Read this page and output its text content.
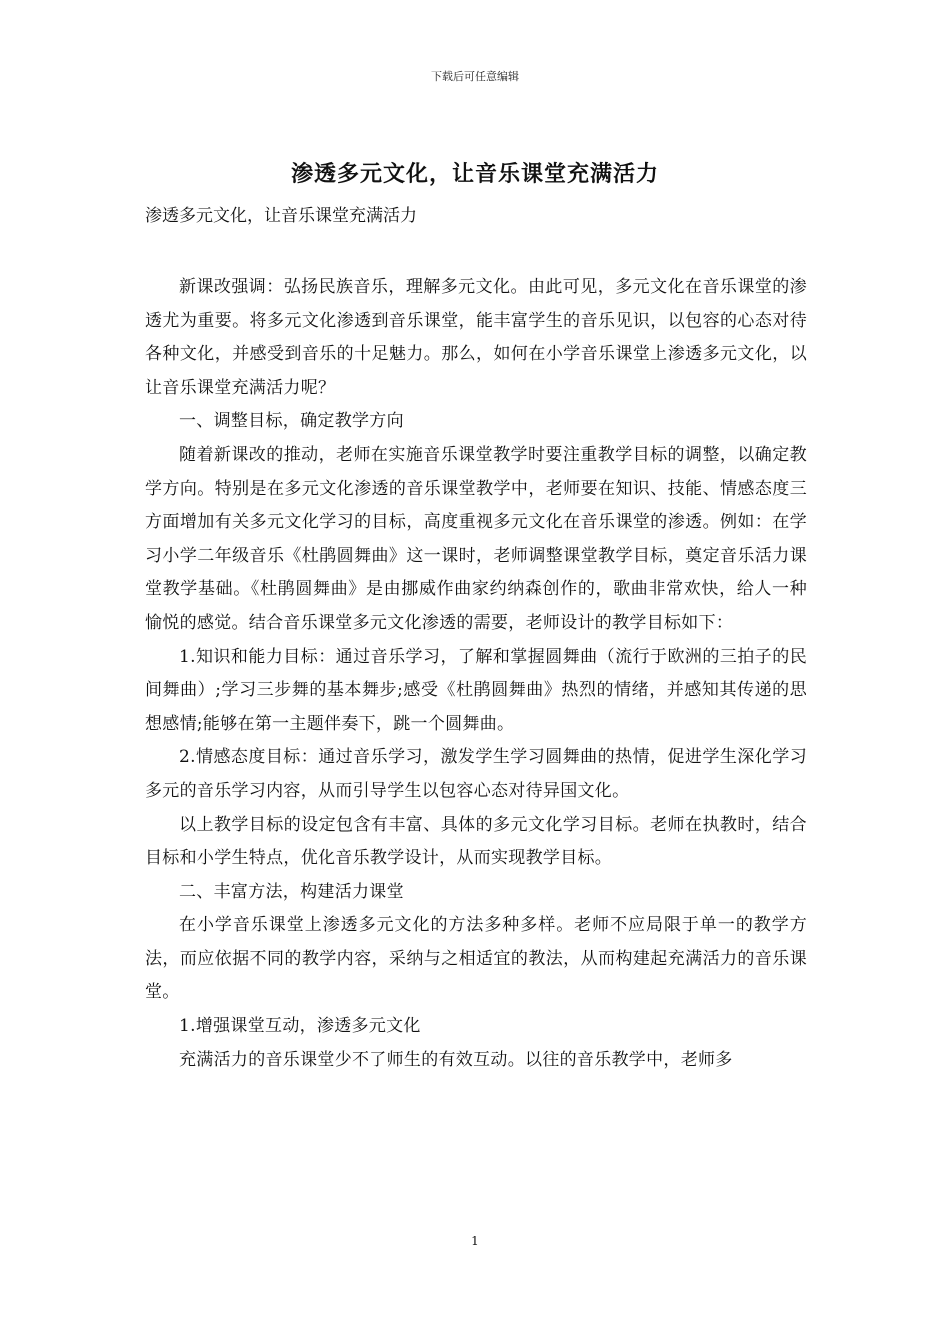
下载后可任意编辑
渗透多元文化，让音乐课堂充满活力
渗透多元文化，让音乐课堂充满活力

新课改强调：弘扬民族音乐，理解多元文化。由此可见，多元文化在音乐课堂的渗透尤为重要。将多元文化渗透到音乐课堂，能丰富学生的音乐见识，以包容的心态对待各种文化，并感受到音乐的十足魅力。那么，如何在小学音乐课堂上渗透多元文化，以让音乐课堂充满活力呢？

一、调整目标，确定教学方向

随着新课改的推动，老师在实施音乐课堂教学时要注重教学目标的调整，以确定教学方向。特别是在多元文化渗透的音乐课堂教学中，老师要在知识、技能、情感态度三方面增加有关多元文化学习的目标，高度重视多元文化在音乐课堂的渗透。例如：在学习小学二年级音乐《杜鹃圆舞曲》这一课时，老师调整课堂教学目标，奠定音乐活力课堂教学基础。《杜鹃圆舞曲》是由挪威作曲家约纳森创作的，歌曲非常欢快，给人一种愉悦的感觉。结合音乐课堂多元文化渗透的需要，老师设计的教学目标如下：

1.知识和能力目标：通过音乐学习，了解和掌握圆舞曲（流行于欧洲的三拍子的民间舞曲）;学习三步舞的基本舞步;感受《杜鹃圆舞曲》热烈的情绪，并感知其传递的思想感情;能够在第一主题伴奏下，跳一个圆舞曲。

2.情感态度目标：通过音乐学习，激发学生学习圆舞曲的热情，促进学生深化学习多元的音乐学习内容，从而引导学生以包容心态对待异国文化。

以上教学目标的设定包含有丰富、具体的多元文化学习目标。老师在执教时，结合目标和小学生特点，优化音乐教学设计，从而实现教学目标。

二、丰富方法，构建活力课堂

在小学音乐课堂上渗透多元文化的方法多种多样。老师不应局限于单一的教学方法，而应依据不同的教学内容，采纳与之相适宜的教法，从而构建起充满活力的音乐课堂。

1.增强课堂互动，渗透多元文化

充满活力的音乐课堂少不了师生的有效互动。以往的音乐教学中，老师多

1
